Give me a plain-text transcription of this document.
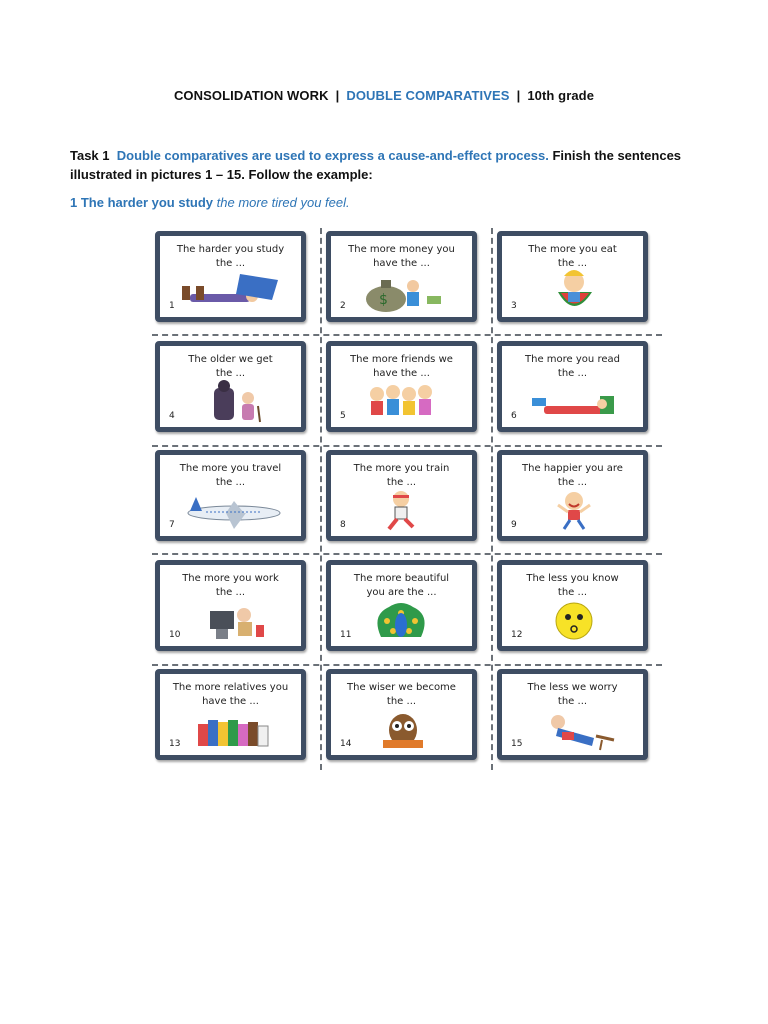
CONSOLIDATION WORK | DOUBLE COMPARATIVES | 10th grade
Task 1 Double comparatives are used to express a cause-and-effect process. Finish the sentences illustrated in pictures 1 – 15. Follow the example:
1 The harder you study the more tired you feel.
The harder you study
the ...
1	$
The more money you
have the ...
2
The more you eat
the ...
3
The older we get
the ...
4
The more friends we
have the ...
5
The more you read
the ...
6
The more you travel
the ...
7
The more you train
the ...
8
The happier you are
the ...
9
The more you work
the ...
10
The more beautiful
you are the ...
11
The less you know
the ...
12
The more relatives you
have the ...
13
The wiser we become
the ...
14
The less we worry
the ...
15
